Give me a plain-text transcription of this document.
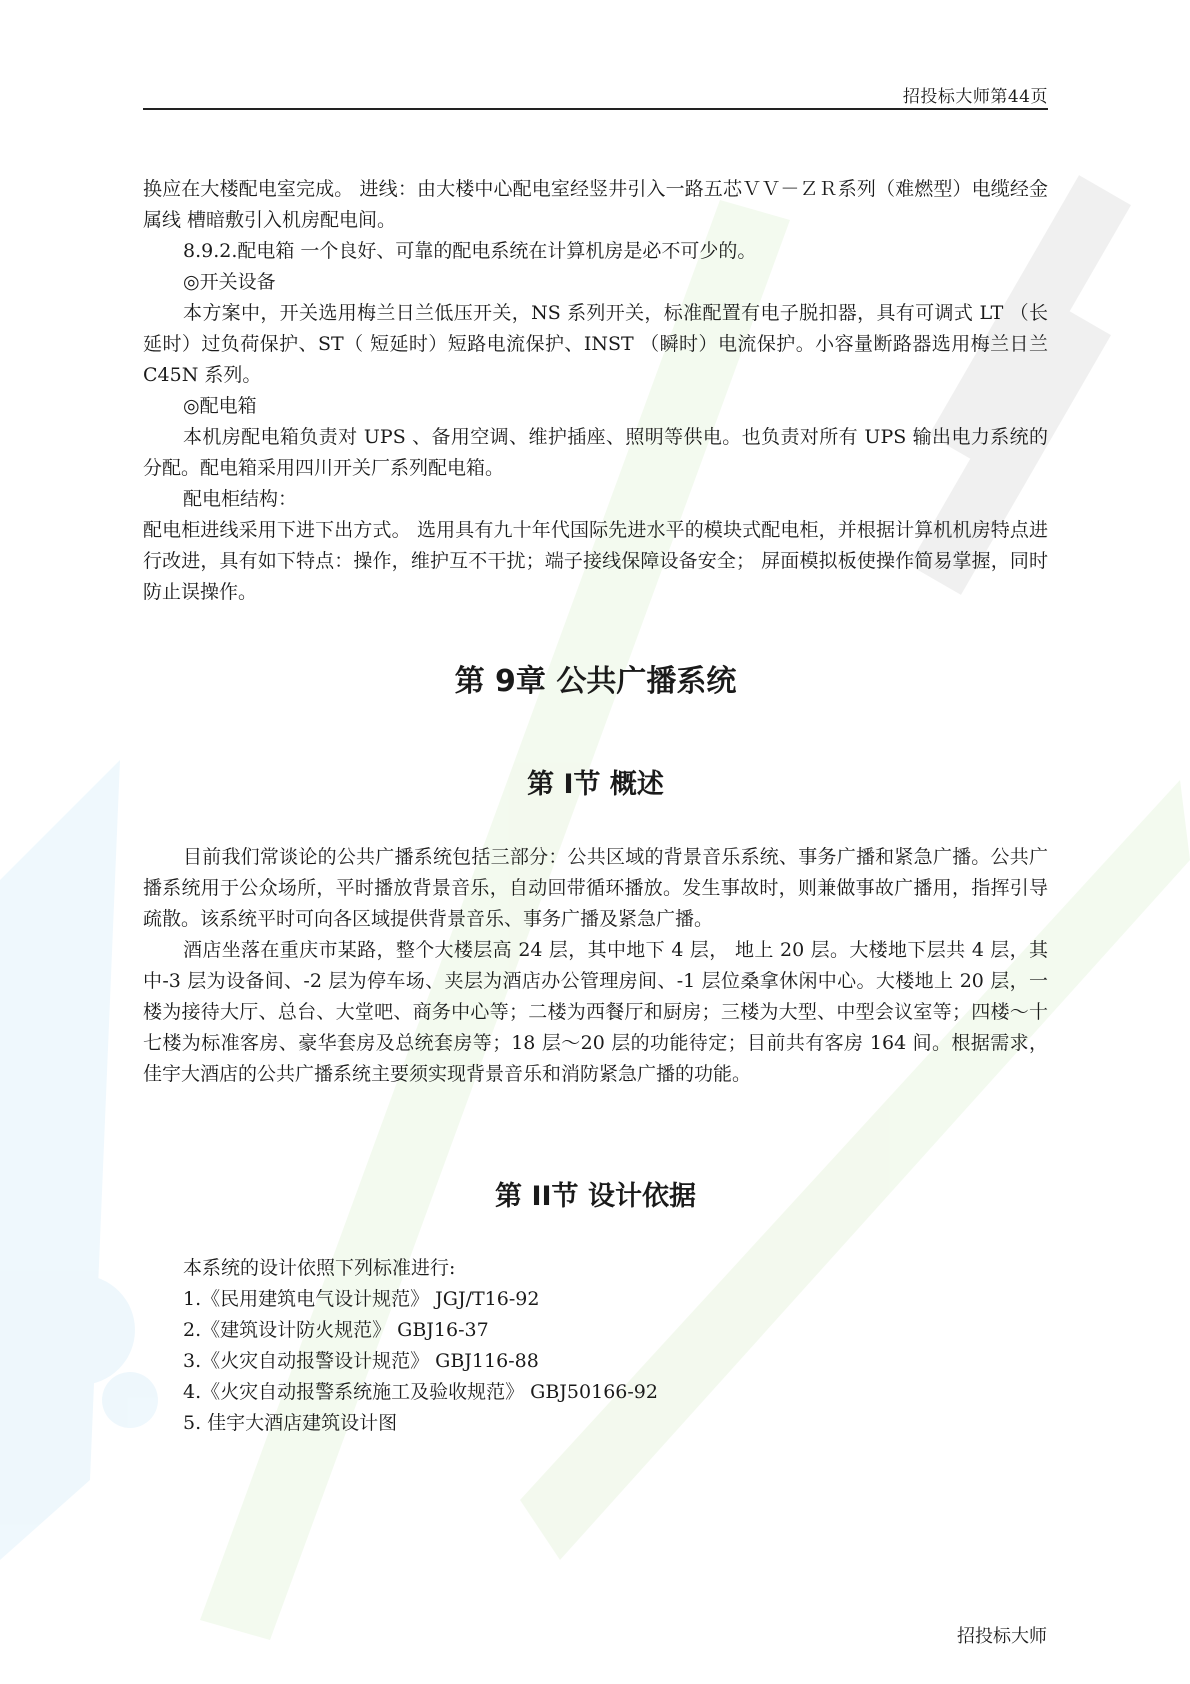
招投标大师第44页

换应在大楼配电室完成。 进线：由大楼中心配电室经竖井引入一路五芯ＶＶ－ＺＲ系列（难燃型）电缆经金属线 槽暗敷引入机房配电间。

8.9.2.配电箱 一个良好、可靠的配电系统在计算机房是必不可少的。

◎开关设备

本方案中，开关选用梅兰日兰低压开关，NS 系列开关，标准配置有电子脱扣器，具有可调式 LT （长延时）过负荷保护、ST（ 短延时）短路电流保护、INST （瞬时）电流保护。小容量断路器选用梅兰日兰 C45N 系列。

◎配电箱

本机房配电箱负责对 UPS 、备用空调、维护插座、照明等供电。也负责对所有 UPS 输出电力系统的分配。配电箱采用四川开关厂系列配电箱。

配电柜结构：

配电柜进线采用下进下出方式。 选用具有九十年代国际先进水平的模块式配电柜，并根据计算机机房特点进行改进，具有如下特点：操作，维护互不干扰；端子接线保障设备安全； 屏面模拟板使操作简易掌握，同时防止误操作。

第 9章 公共广播系统
第 I节 概述

目前我们常谈论的公共广播系统包括三部分：公共区域的背景音乐系统、事务广播和紧急广播。公共广播系统用于公众场所，平时播放背景音乐，自动回带循环播放。发生事故时，则兼做事故广播用，指挥引导疏散。该系统平时可向各区域提供背景音乐、事务广播及紧急广播。

酒店坐落在重庆市某路，整个大楼层高 24 层，其中地下 4 层， 地上 20 层。大楼地下层共 4 层，其中-3 层为设备间、-2 层为停车场、夹层为酒店办公管理房间、-1 层位桑拿休闲中心。大楼地上 20 层，一楼为接待大厅、总台、大堂吧、商务中心等；二楼为西餐厅和厨房；三楼为大型、中型会议室等；四楼～十七楼为标准客房、豪华套房及总统套房等；18 层～20 层的功能待定；目前共有客房 164 间。根据需求，佳宇大酒店的公共广播系统主要须实现背景音乐和消防紧急广播的功能。

第 II节 设计依据

本系统的设计依照下列标准进行:

1.《民用建筑电气设计规范》 JGJ/T16-92
2.《建筑设计防火规范》 GBJ16-37
3.《火灾自动报警设计规范》 GBJ116-88
4.《火灾自动报警系统施工及验收规范》 GBJ50166-92
5. 佳宇大酒店建筑设计图
招投标大师
